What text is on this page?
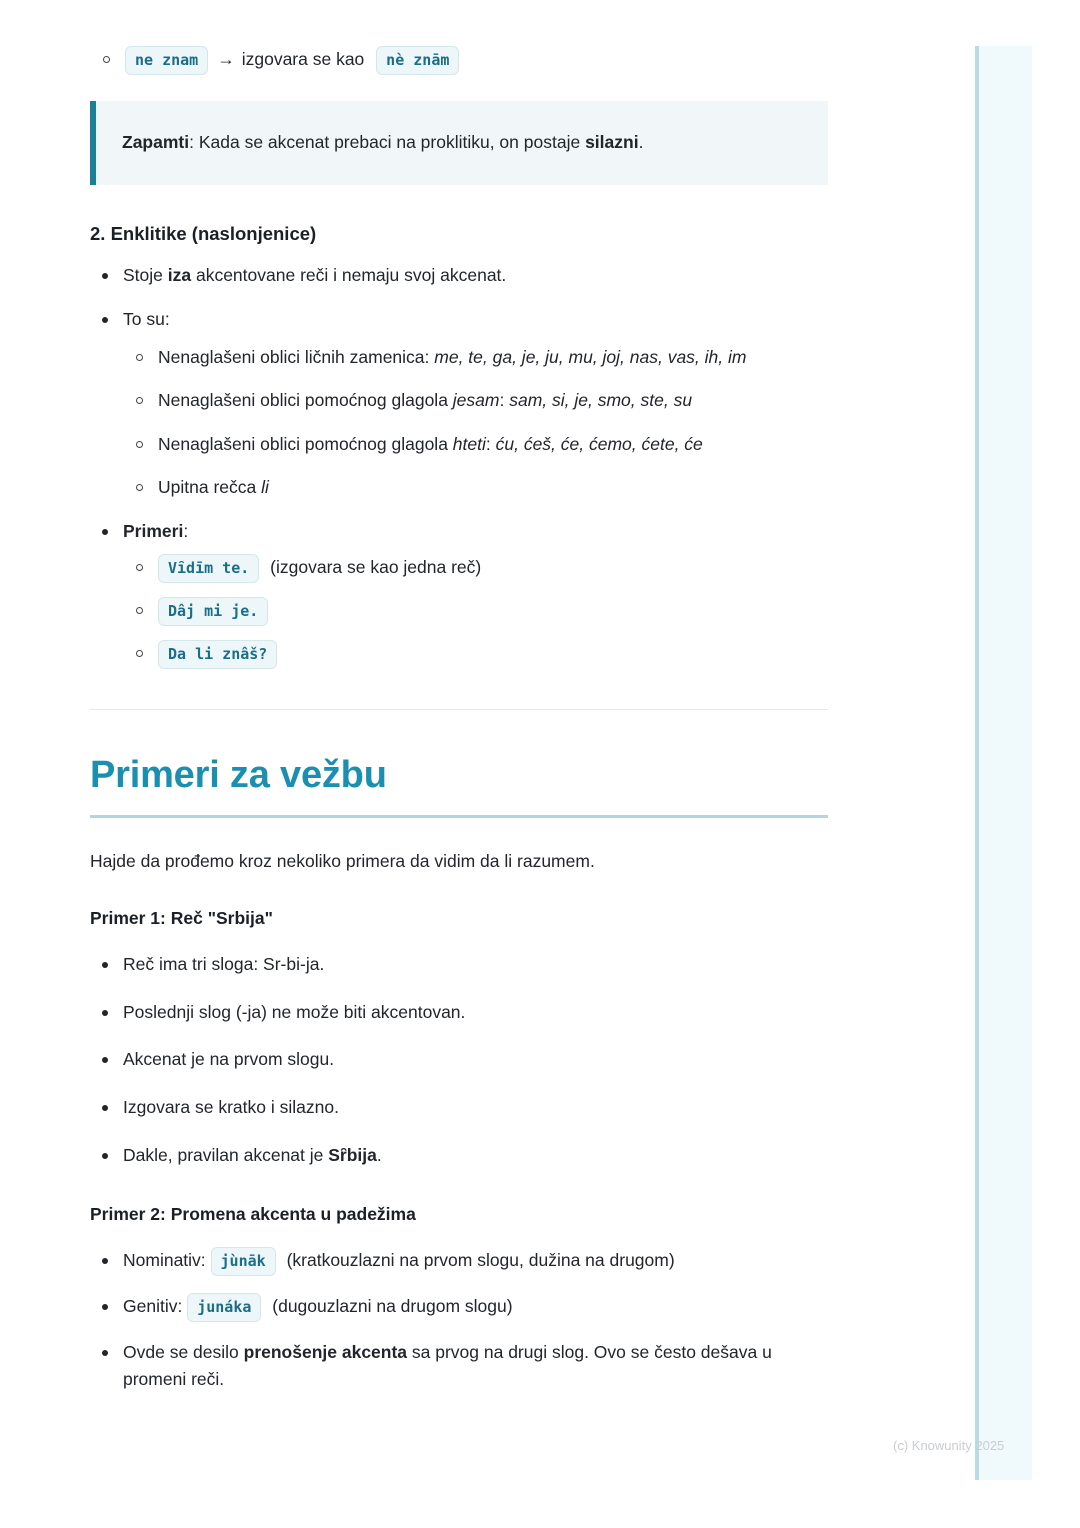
ne znam → izgovara se kao nè znām

Zapamti: Kada se akcenat prebaci na proklitiku, on postaje silazni.

2. Enklitike (naslonjenice)

Stoje iza akcentovane reči i nemaju svoj akcenat.
To su:
Nenaglašeni oblici ličnih zamenica: me, te, ga, je, ju, mu, joj, nas, vas, ih, im
Nenaglašeni oblici pomoćnog glagola jesam: sam, si, je, smo, ste, su
Nenaglašeni oblici pomoćnog glagola hteti: ću, ćeš, će, ćemo, ćete, će
Upitna rečca li
Primeri:
Vȋdīm te. (izgovara se kao jedna reč)
Dâj mi je.
Da li znâš?
Primeri za vežbu

Hajde da prođemo kroz nekoliko primera da vidim da li razumem.

Primer 1: Reč "Srbija"

Reč ima tri sloga: Sr-bi-ja.
Poslednji slog (-ja) ne može biti akcentovan.
Akcenat je na prvom slogu.
Izgovara se kratko i silazno.
Dakle, pravilan akcenat je Sȓbija.

Primer 2: Promena akcenta u padežima

Nominativ: jùnāk (kratkouzlazni na prvom slogu, dužina na drugom)
Genitiv: junáka (dugouzlazni na drugom slogu)
Ovde se desilo prenošenje akcenta sa prvog na drugi slog. Ovo se često dešava u promeni reči.
(c) Knowunity 2025
